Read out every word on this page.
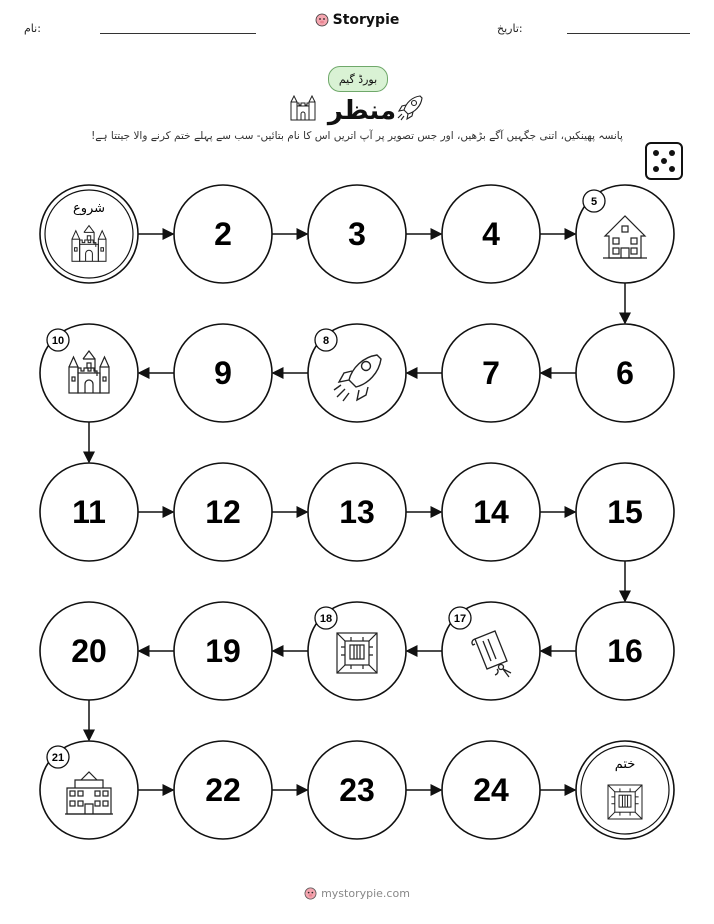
نام:
Storypie
تاریخ:
بورڈ گیم
منظر
پانسہ پھینکیں، اتنی جگہیں آگے بڑھیں، اور جس تصویر پر آپ اتریں اس کا نام بتائیں- سب سے پہلے ختم کرنے والا جیتتا ہے!
شروع
2	3	4
5
6
7
8
9
10
11	12	13	14	15
16
17
18
19
20
21
22	23	24
ختم
mystorypie.com
